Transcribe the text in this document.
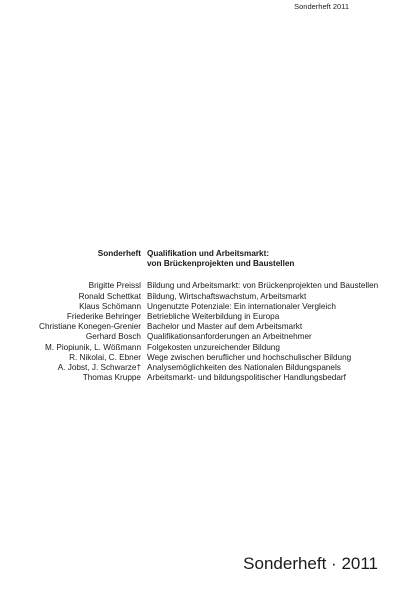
Sonderheft 2011
Sonderheft Qualifikation und Arbeitsmarkt:
von Brückenprojekten und Baustellen
Brigitte Preissl Bildung und Arbeitsmarkt: von Brückenprojekten und Baustellen
Ronald Schettkat Bildung, Wirtschaftswachstum, Arbeitsmarkt
Klaus Schömann Ungenutzte Potenziale: Ein internationaler Vergleich
Friederike Behringer Betriebliche Weiterbildung in Europa
Christiane Konegen-Grenier Bachelor und Master auf dem Arbeitsmarkt
Gerhard Bosch Qualifikationsanforderungen an Arbeitnehmer
M. Piopiunik, L. Wößmann Folgekosten unzureichender Bildung
R. Nikolai, C. Ebner Wege zwischen beruflicher und hochschulischer Bildung
A. Jobst, J. Schwarze† Analysemöglichkeiten des Nationalen Bildungspanels
Thomas Kruppe Arbeitsmarkt- und bildungspolitischer Handlungsbedarf
Sonderheft · 2011
